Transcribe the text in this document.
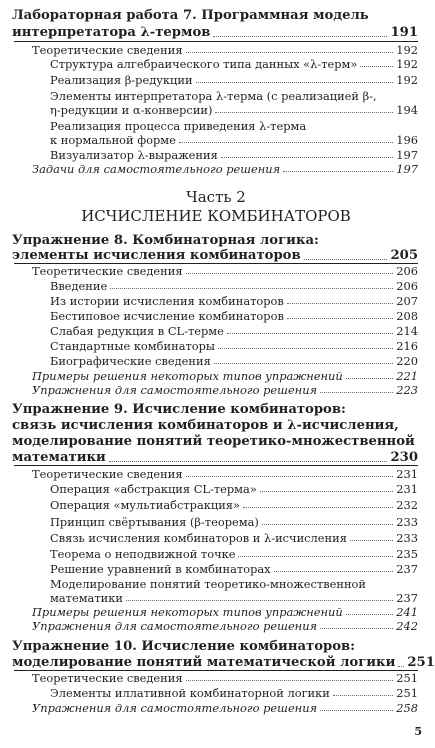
Лабораторная работа 7. Программная модель
интерпретатора λ-термов	191
Теоретические сведения	192
Структура алгебраического типа данных «λ-терм»	192
Реализация β-редукции	192
Элементы интерпретатора λ-терма (с реализацией β-,
η-редукции и α-конверсии)	194
Реализация процесса приведения λ-терма
к нормальной форме	196
Визуализатор λ-выражения	197
Задачи для самостоятельного решения	197
Часть 2
ИСЧИСЛЕНИЕ КОМБИНАТОРОВ
Упражнение 8. Комбинаторная логика:
элементы исчисления комбинаторов	205
Теоретические сведения	206
Введение	206
Из истории исчисления комбинаторов	207
Бестиповое исчисление комбинаторов	208
Слабая редукция в CL-терме	214
Стандартные комбинаторы	216
Биографические сведения	220
Примеры решения некоторых типов упражнений	221
Упражнения для самостоятельного решения	223
Упражнение 9. Исчисление комбинаторов:
связь исчисления комбинаторов и λ-исчисления,
моделирование понятий теоретико-множественной
математики	230
Теоретические сведения	231
Операция «абстракция CL-терма»	231
Операция «мультиабстракция»	232
Принцип свёртывания (β-теорема)	233
Связь исчисления комбинаторов и λ-исчисления	233
Теорема о неподвижной точке	235
Решение уравнений в комбинаторах	237
Моделирование понятий теоретико-множественной
математики	237
Примеры решения некоторых типов упражнений	241
Упражнения для самостоятельного решения	242
Упражнение 10. Исчисление комбинаторов:
моделирование понятий математической логики 251
Теоретические сведения	251
Элементы иллативной комбинаторной логики	251
Упражнения для самостоятельного решения	258
5
